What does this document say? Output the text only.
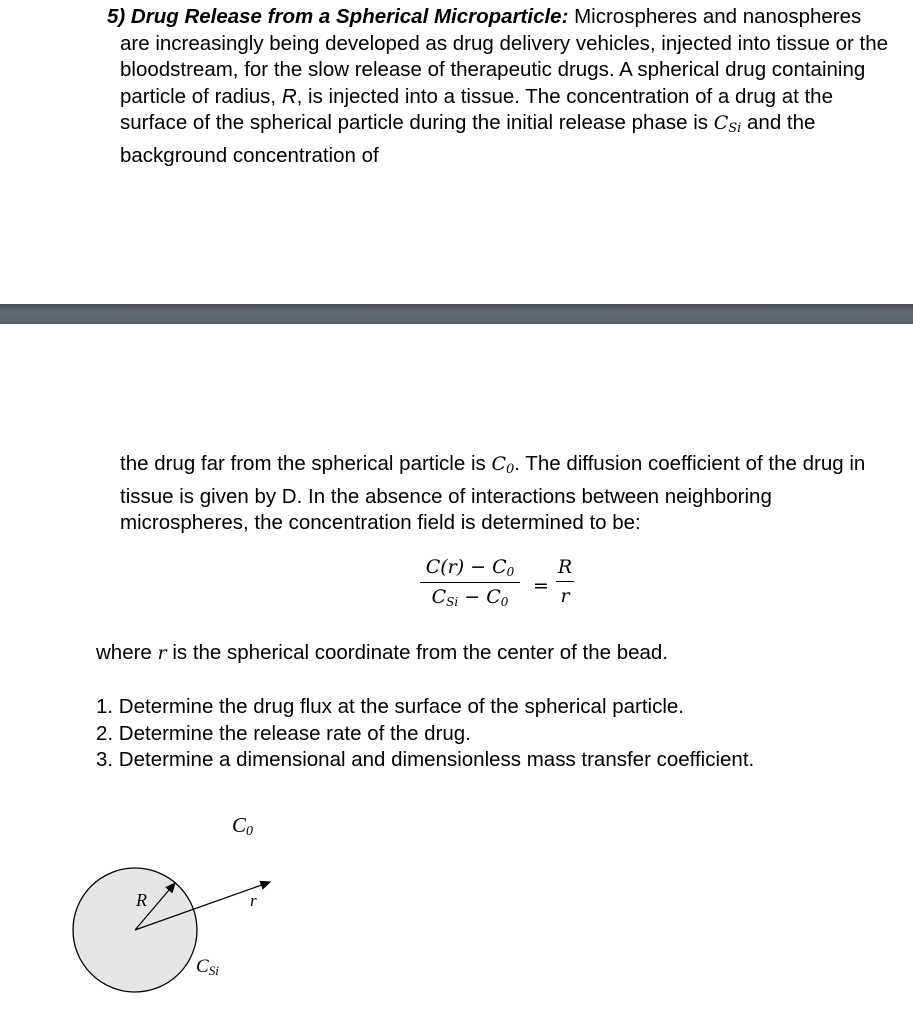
5) Drug Release from a Spherical Microparticle: Microspheres and nanospheres are increasingly being developed as drug delivery vehicles, injected into tissue or the bloodstream, for the slow release of therapeutic drugs. A spherical drug containing particle of radius, R, is injected into a tissue. The concentration of a drug at the surface of the spherical particle during the initial release phase is $C_{Si}$ and the background concentration of
the drug far from the spherical particle is $C_0$. The diffusion coefficient of the drug in tissue is given by D. In the absence of interactions between neighboring microspheres, the concentration field is determined to be:
$C(r) - C_0$
$C_{Si} - C_0$
=
R
r
where r is the spherical coordinate from the center of the bead.
1. Determine the drug flux at the surface of the spherical particle.
2. Determine the release rate of the drug.
3. Determine a dimensional and dimensionless mass transfer coefficient.
C0
R	r
CSi
